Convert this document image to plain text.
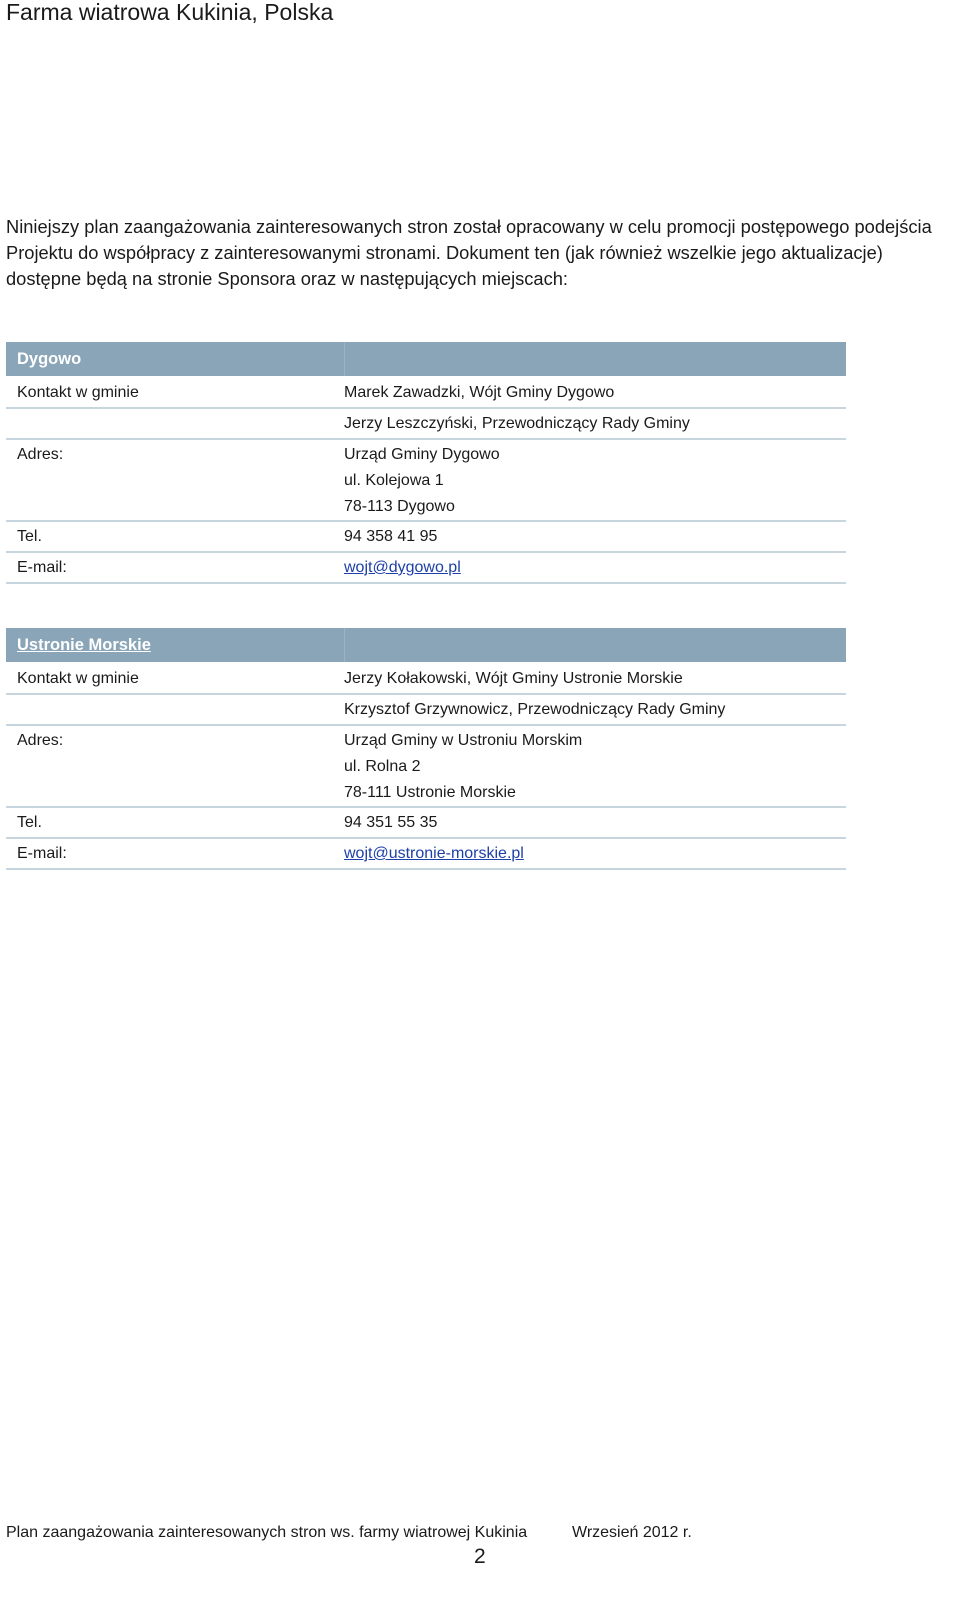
Farma wiatrowa Kukinia, Polska

Niniejszy plan zaangażowania zainteresowanych stron został opracowany w celu promocji postępowego podejścia Projektu do współpracy z zainteresowanymi stronami. Dokument ten (jak również wszelkie jego aktualizacje) dostępne będą na stronie Sponsora oraz w następujących miejscach:

Dygowo	
Kontakt w gminie	Marek Zawadzki, Wójt Gminy Dygowo
	Jerzy Leszczyński, Przewodniczący Rady Gminy
Adres:	Urząd Gminy Dygowo
ul. Kolejowa 1
78-113 Dygowo

Tel.	94 358 41 95
E-mail:	wojt@dygowo.pl
Ustronie Morskie	
Kontakt w gminie	Jerzy Kołakowski, Wójt Gminy Ustronie Morskie
	Krzysztof Grzywnowicz, Przewodniczący Rady Gminy
Adres:	Urząd Gminy w Ustroniu Morskim
ul. Rolna 2
78-111 Ustronie Morskie

Tel.	94 351 55 35
E-mail:	wojt@ustronie-morskie.pl

Plan zaangażowania zainteresowanych stron ws. farmy wiatrowej Kukinia	Wrzesień 2012 r.

2
